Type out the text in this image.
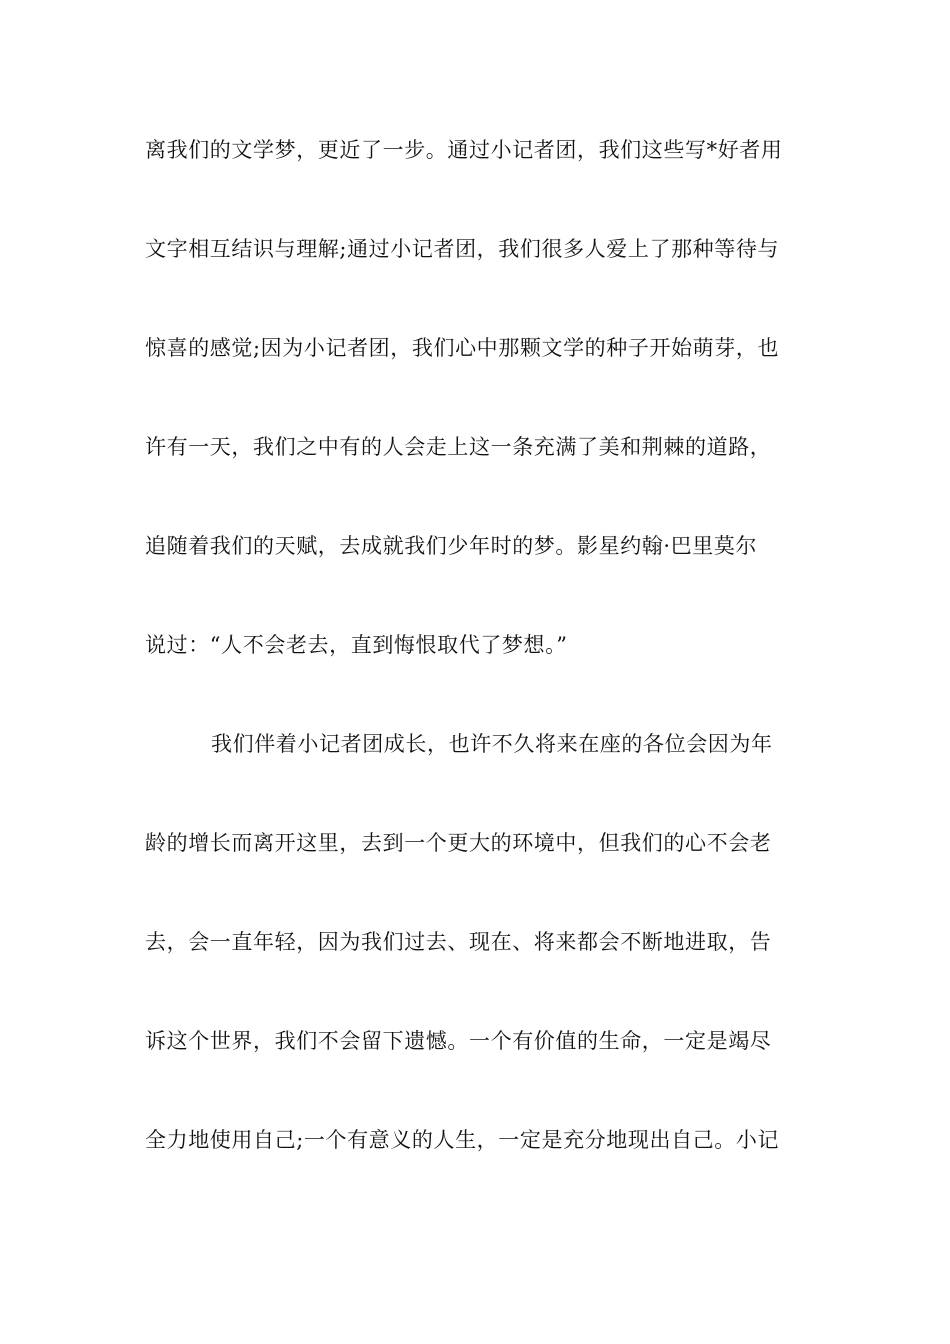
离我们的文学梦，更近了一步。通过小记者团，我们这些写*好者用
文字相互结识与理解;通过小记者团，我们很多人爱上了那种等待与
惊喜的感觉;因为小记者团，我们心中那颗文学的种子开始萌芽，也
许有一天，我们之中有的人会走上这一条充满了美和荆棘的道路，
追随着我们的天赋，去成就我们少年时的梦。影星约翰·巴里莫尔
说过：“人不会老去，直到悔恨取代了梦想。”
我们伴着小记者团成长，也许不久将来在座的各位会因为年
龄的增长而离开这里，去到一个更大的环境中，但我们的心不会老
去，会一直年轻，因为我们过去、现在、将来都会不断地进取，告
诉这个世界，我们不会留下遗憾。一个有价值的生命，一定是竭尽
全力地使用自己;一个有意义的人生，一定是充分地现出自己。小记
